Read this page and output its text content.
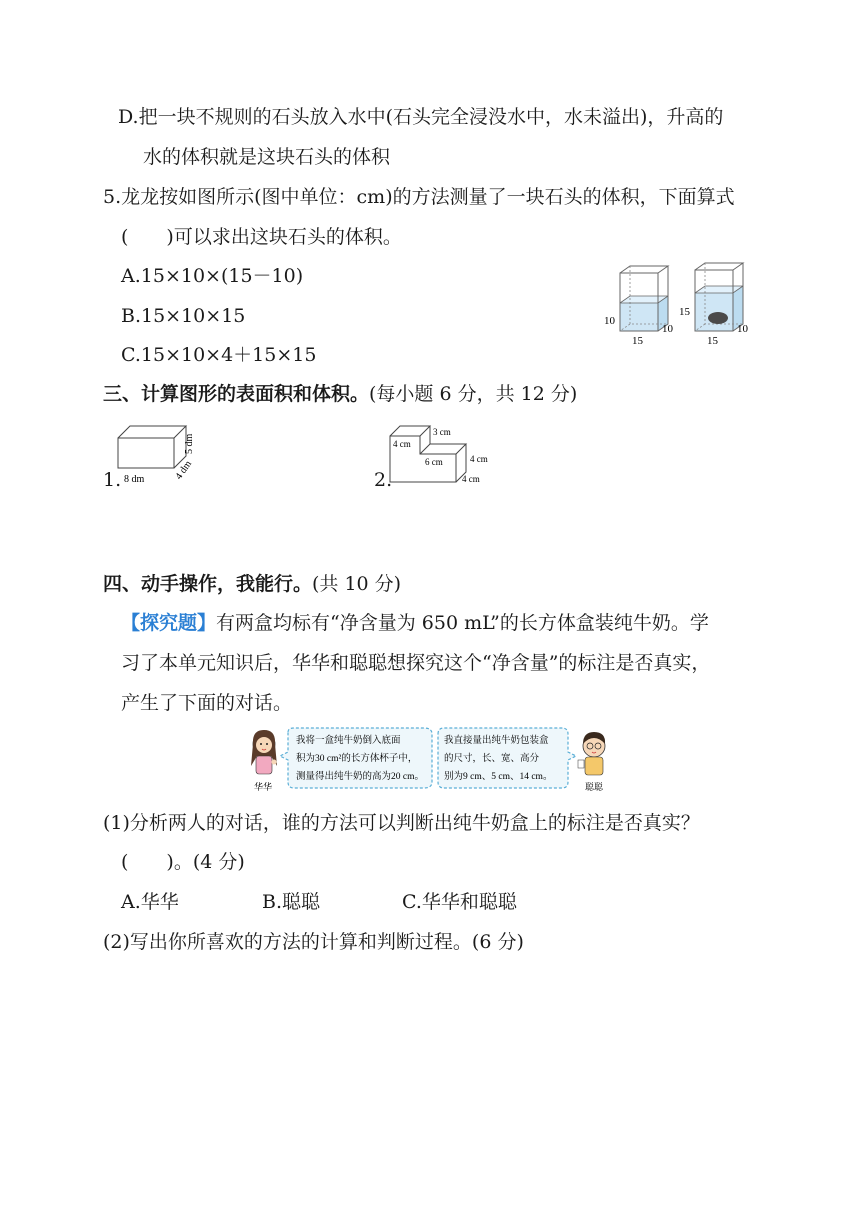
D.把一块不规则的石头放入水中(石头完全浸没水中，水未溢出)，升高的
水的体积就是这块石头的体积
5.龙龙按如图所示(图中单位：cm)的方法测量了一块石头的体积，下面算式
(　　)可以求出这块石头的体积。
A.15×10×(15－10)
B.15×10×15
C.15×10×4＋15×15
10
15
10
15
15
10
三、计算图形的表面积和体积。(每小题 6 分，共 12 分)
1. 8 dm
5 dm
4 dm	2.
4 cm
3 cm
6 cm	4 cm
4 cm
四、动手操作，我能行。(共 10 分)
【探究题】有两盒均标有“净含量为 650 mL”的长方体盒装纯牛奶。学
习了本单元知识后，华华和聪聪想探究这个“净含量”的标注是否真实，
产生了下面的对话。
华华
我将一盒纯牛奶倒入底面
积为30 cm²的长方体杯子中，
测量得出纯牛奶的高为20 cm。
我直接量出纯牛奶包装盒
的尺寸，长、宽、高分
别为9 cm、5 cm、14 cm。
聪聪
(1)分析两人的对话，谁的方法可以判断出纯牛奶盒上的标注是否真实？
(　　)。(4 分)
A.华华	B.聪聪	C.华华和聪聪
(2)写出你所喜欢的方法的计算和判断过程。(6 分)
